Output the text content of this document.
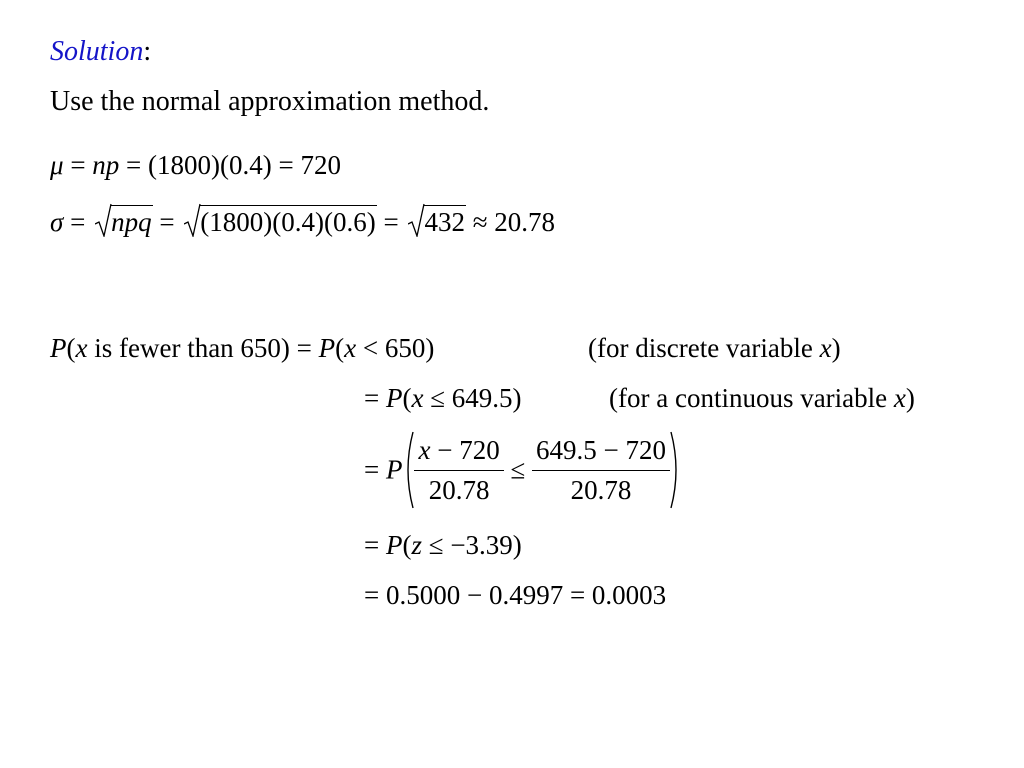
Solution:
Use the normal approximation method.
μ = np = (1800)(0.4) = 720
σ =
npq =
(1800)(0.4)(0.6) =
432 ≈ 20.78
P(x is fewer than 650) = P(x < 650)	(for discrete variable x)
= P(x ≤ 649.5)	(for a continuous variable x)
= P $\frac{x - 720}{20.78} \le \frac{649.5 - 720}{20.78}$
= P(z ≤ −3.39)
= 0.5000 − 0.4997 = 0.0003
